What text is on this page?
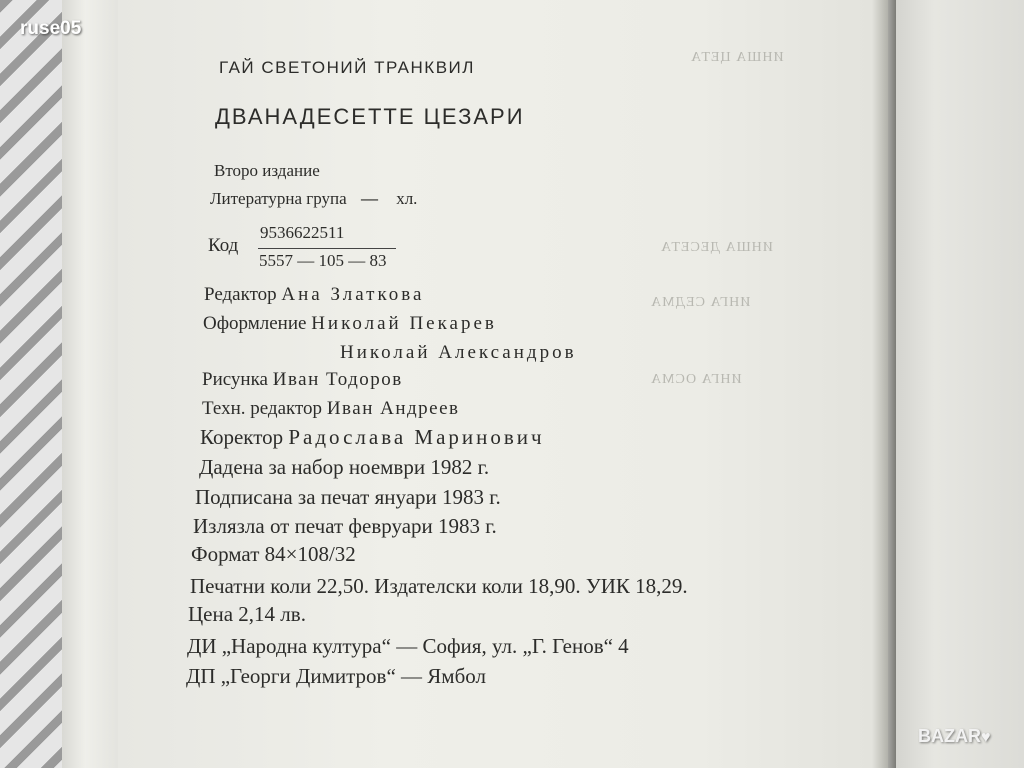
ИНША ЦЕТА
ИНША ДЕСЕТА
ИНГА СЕДМА
ИНГА ОСМА
ruse05
ГАЙ СВЕТОНИЙ ТРАНКВИЛ
ДВАНАДЕСЕТТЕ ЦЕЗАРИ
Второ издание
Литературна група — хл.
Код
9536622511
5557 — 105 — 83
Редактор Ана Златкова
Оформление Николай Пекарев
Николай Александров
Рисунка Иван Тодоров
Техн. редактор Иван Андреев
Коректор Радослава Маринович
Дадена за набор ноември 1982 г.
Подписана за печат януари 1983 г.
Излязла от печат февруари 1983 г.
Формат 84×108/32
Печатни коли 22,50. Издателски коли 18,90. УИК 18,29.
Цена 2,14 лв.
ДИ „Народна култура“ — София, ул. „Г. Генов“ 4
ДП „Георги Димитров“ — Ямбол
BAZAR♥
